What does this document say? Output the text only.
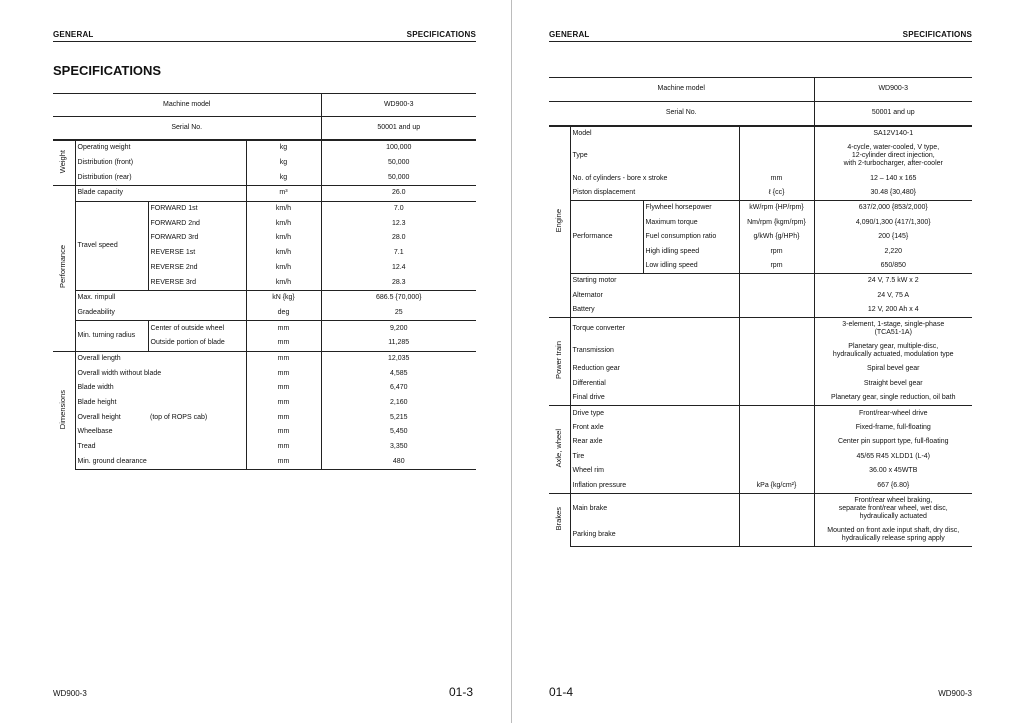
GENERAL	SPECIFICATIONS
SPECIFICATIONS
Machine model				WD900-3
Serial No.				50001 and up
Weight	Operating weight		kg	100,000
	Distribution (front)		kg	50,000
	Distribution (rear)		kg	50,000
Performance	Blade capacity		m³	26.0
	Travel speed	FORWARD 1st	km/h	7.0
		FORWARD 2nd	km/h	12.3
		FORWARD 3rd	km/h	28.0
		REVERSE 1st	km/h	7.1
		REVERSE 2nd	km/h	12.4
		REVERSE 3rd	km/h	28.3
	Max. rimpull		kN {kg}	686.5 {70,000}
	Gradeability		deg	25
	Min. turning radius	Center of outside wheel	mm	9,200
		Outside portion of blade	mm	11,285
Dimensions	Overall length		mm	12,035
	Overall width without blade		mm	4,585
	Blade width		mm	6,470
	Blade height		mm	2,160
	Overall height	(top of ROPS cab)	mm	5,215
	Wheelbase		mm	5,450
	Tread		mm	3,350
	Min. ground clearance		mm	480
WD900-3	01-3
GENERAL	SPECIFICATIONS
WD900-3
01-4
Machine model				WD900-3
Serial No.				50001 and up
Engine	Model			SA12V140-1
	Type			4-cycle, water-cooled, V type,
12-cylinder direct injection,
with 2-turbocharger, after-cooler

	No. of cylinders - bore x stroke		mm	12 – 140 x 165
	Piston displacement		ℓ {cc}	30.48 {30,480}
	Performance	Flywheel horsepower	kW/rpm {HP/rpm}	637/2,000 {853/2,000}
		Maximum torque	Nm/rpm {kgm/rpm}	4,090/1,300 {417/1,300}
		Fuel consumption ratio	g/kWh {g/HPh}	200 {145}
		High idling speed	rpm	2,220
		Low idling speed	rpm	650/850
	Starting motor			24 V, 7.5 kW x 2
	Alternator			24 V, 75 A
	Battery			12 V, 200 Ah x 4
Power train	Torque converter			3-element, 1-stage, single-phase
(TCA51-1A)

	Transmission			Planetary gear, multiple-disc,
hydraulically actuated, modulation type

	Reduction gear			Spiral bevel gear
	Differential			Straight bevel gear
	Final drive			Planetary gear, single reduction, oil bath
Axle, wheel	Drive type			Front/rear-wheel drive
	Front axle			Fixed-frame, full-floating
	Rear axle			Center pin support type, full-floating
	Tire			45/65 R45 XLDD1 (L-4)
	Wheel rim			36.00 x 45WTB
	Inflation pressure		kPa {kg/cm²}	667 {6.80}
Brakes	Main brake			Front/rear wheel braking,
separate front/rear wheel, wet disc,
hydraulically actuated

	Parking brake			Mounted on front axle input shaft, dry disc,
hydraulically release spring apply
